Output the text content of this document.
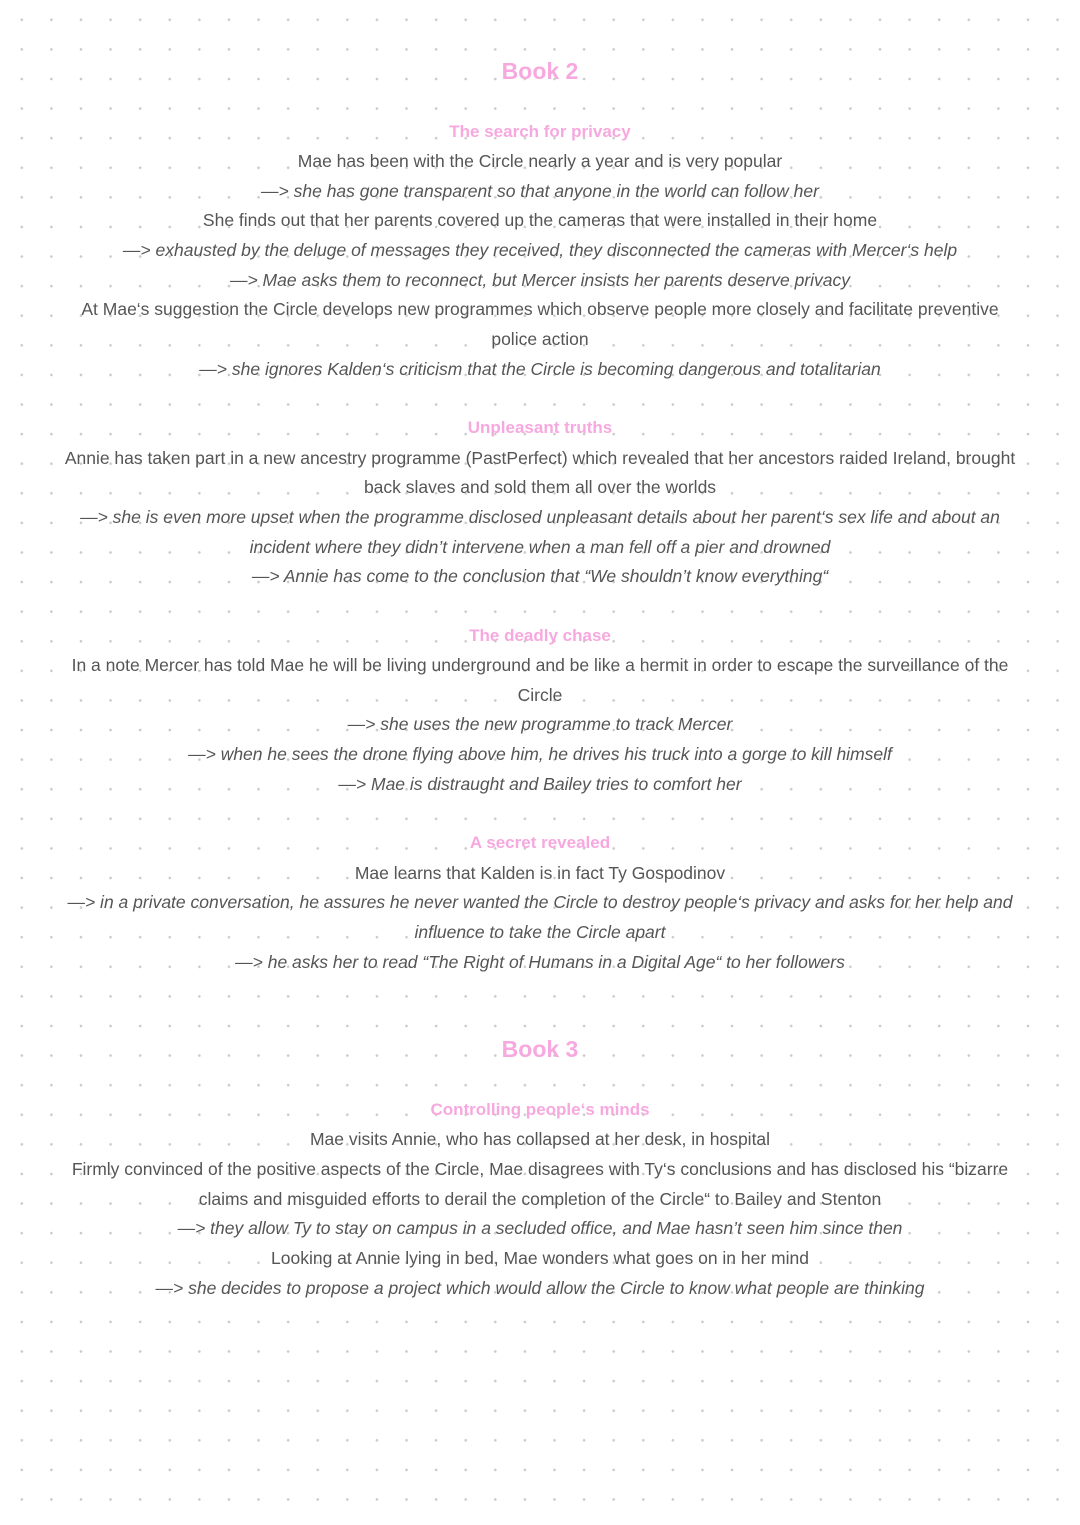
Book 2
The search for privacy
Mae has been with the Circle nearly a year and is very popular
—> she has gone transparent so that anyone in the world can follow her
She finds out that her parents covered up the cameras that were installed in their home
—> exhausted by the deluge of messages they received, they disconnected the cameras with Mercer‘s help
—> Mae asks them to reconnect, but Mercer insists her parents deserve privacy
At Mae‘s suggestion the Circle develops new programmes which observe people more closely and facilitate preventive
police action
—> she ignores Kalden‘s criticism that the Circle is becoming dangerous and totalitarian
Unpleasant truths
Annie has taken part in a new ancestry programme (PastPerfect) which revealed that her ancestors raided Ireland, brought
back slaves and sold them all over the worlds
—> she is even more upset when the programme disclosed unpleasant details about her parent‘s sex life and about an
incident where they didn’t intervene when a man fell off a pier and drowned
—> Annie has come to the conclusion that “We shouldn’t know everything“
The deadly chase
In a note Mercer has told Mae he will be living underground and be like a hermit in order to escape the surveillance of the
Circle
—> she uses the new programme to track Mercer
—> when he sees the drone flying above him, he drives his truck into a gorge to kill himself
—> Mae is distraught and Bailey tries to comfort her
A secret revealed
Mae learns that Kalden is in fact Ty Gospodinov
—> in a private conversation, he assures he never wanted the Circle to destroy people‘s privacy and asks for her help and
influence to take the Circle apart
—> he asks her to read “The Right of Humans in a Digital Age“ to her followers
Book 3
Controlling people‘s minds
Mae visits Annie, who has collapsed at her desk, in hospital
Firmly convinced of the positive aspects of the Circle, Mae disagrees with Ty‘s conclusions and has disclosed his “bizarre
claims and misguided efforts to derail the completion of the Circle“ to Bailey and Stenton
—> they allow Ty to stay on campus in a secluded office, and Mae hasn’t seen him since then
Looking at Annie lying in bed, Mae wonders what goes on in her mind
—> she decides to propose a project which would allow the Circle to know what people are thinking
